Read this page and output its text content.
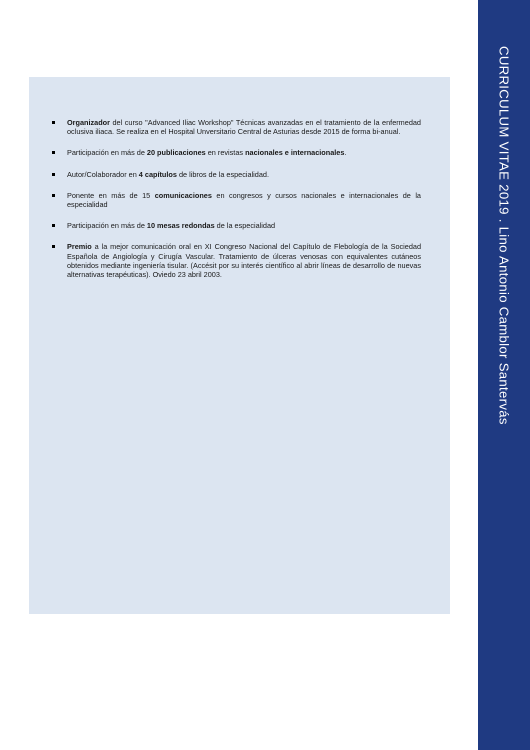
CURRICULUM VITAE 2019 . Lino Antonio Camblor Santervás
Organizador del curso "Advanced Iliac Workshop" Técnicas avanzadas en el tratamiento de la enfermedad oclusiva iliaca. Se realiza en el Hospital Unversitario Central de Asturias desde 2015 de forma bi-anual.
Participación en más de 20 publicaciones en revistas nacionales e internacionales.
Autor/Colaborador en 4 capítulos de libros de la especialidad.
Ponente en más de 15 comunicaciones en congresos y cursos nacionales e internacionales de la especialidad
Participación en más de 10 mesas redondas de la especialidad
Premio a la mejor comunicación oral en XI Congreso Nacional del Capítulo de Flebología de la Sociedad Española de Angiología y Cirugía Vascular. Tratamiento de úlceras venosas con equivalentes cutáneos obtenidos mediante ingeniería tisular. (Accésit por su interés científico al abrir líneas de desarrollo de nuevas alternativas terapéuticas). Oviedo 23 abril 2003.
